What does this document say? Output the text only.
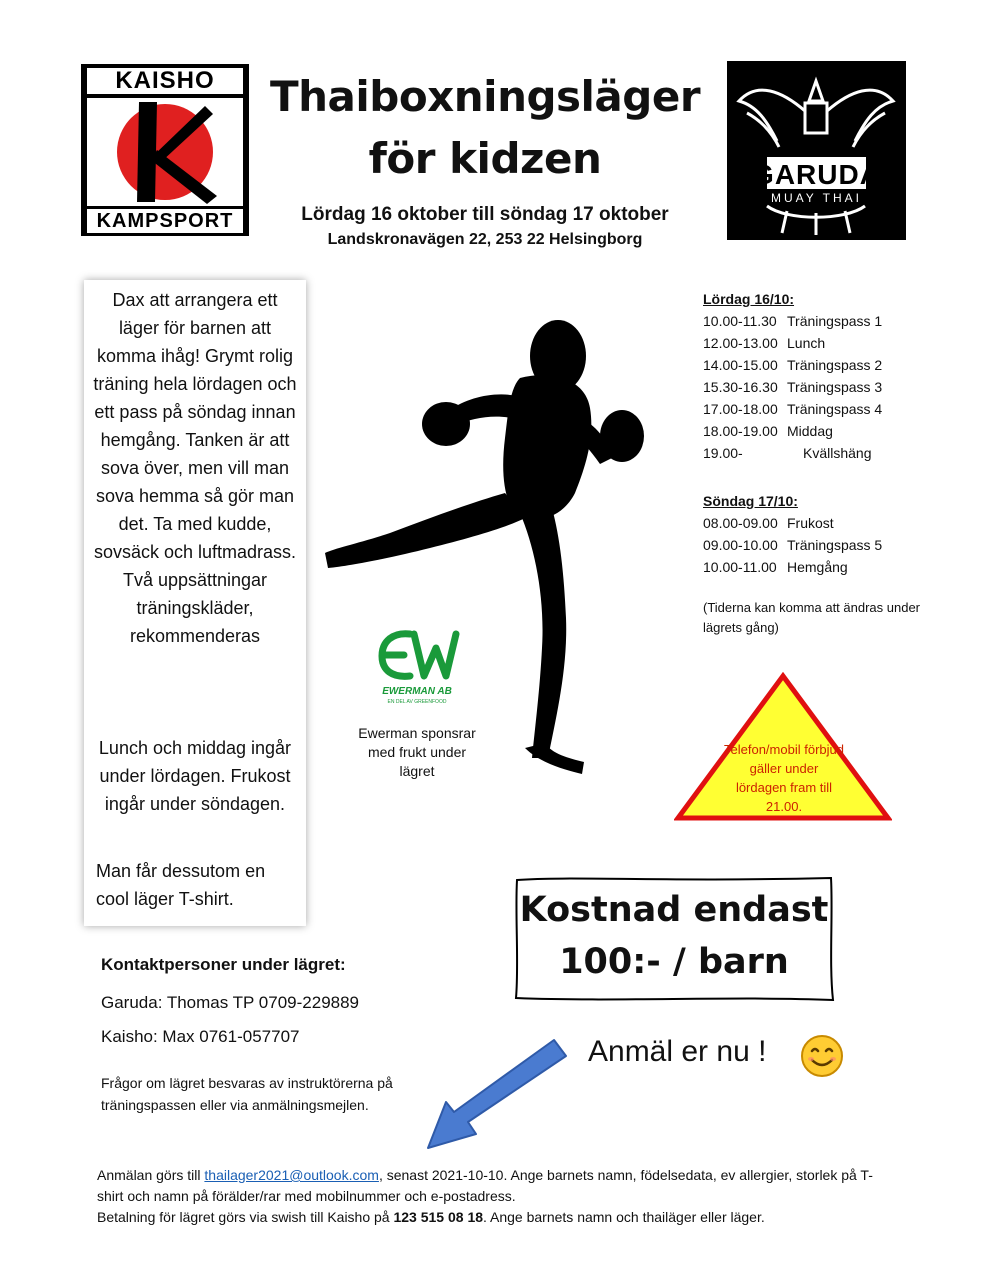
KAISHO
KAMPSPORT
Thaiboxningsläger
för kidzen
Lördag 16 oktober till söndag 17 oktober
Landskronavägen 22, 253 22 Helsingborg
GARUDA
MUAY THAI
Dax att arrangera ett läger för barnen att komma ihåg! Grymt rolig träning hela lördagen och ett pass på söndag innan hemgång. Tanken är att sova över, men vill man sova hemma så gör man det. Ta med kudde, sovsäck och luftmadrass. Två uppsättningar träningskläder, rekommenderas
Lunch och middag ingår under lördagen. Frukost ingår under söndagen.
Man får dessutom en cool läger T-shirt.
Lördag 16/10:
10.00-11.30 Träningspass 1
12.00-13.00 Lunch
14.00-15.00 Träningspass 2
15.30-16.30 Träningspass 3
17.00-18.00 Träningspass 4
18.00-19.00 Middag
19.00-	Kvällshäng
Söndag 17/10:
08.00-09.00 Frukost
09.00-10.00 Träningspass 5
10.00-11.00 Hemgång
(Tiderna kan komma att ändras under lägrets gång)
EWERMAN AB
EN DEL AV GREENFOOD
Ewerman sponsrar med frukt under lägret
Telefon/mobil förbjud gäller under lördagen fram till 21.00.
Kostnad endast
100:- / barn
Kontaktpersoner under lägret:
Garuda: Thomas TP 0709-229889
Kaisho: Max 0761-057707
Frågor om lägret besvaras av instruktörerna på träningspassen eller via anmälningsmejlen.
Anmäl er nu !
Anmälan görs till thailager2021@outlook.com, senast 2021-10-10. Ange barnets namn, födelsedata, ev allergier, storlek på T-shirt och namn på förälder/rar med mobilnummer och e-postadress.
Betalning för lägret görs via swish till Kaisho på 123 515 08 18. Ange barnets namn och thailäger eller läger.
